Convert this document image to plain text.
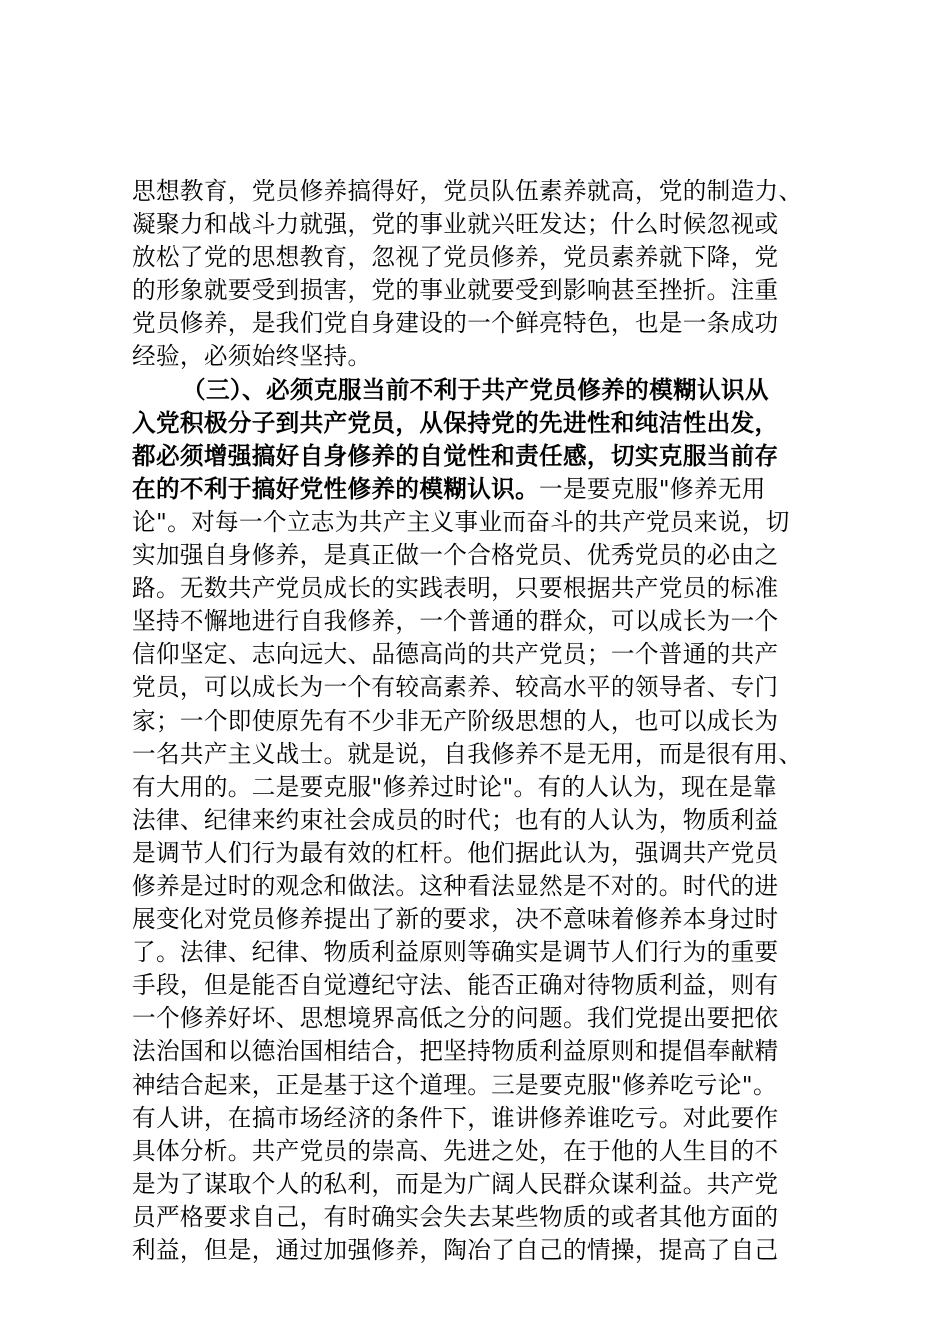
思想教育，党员修养搞得好，党员队伍素养就高，党的制造力、
凝聚力和战斗力就强，党的事业就兴旺发达；什么时候忽视或
放松了党的思想教育，忽视了党员修养，党员素养就下降，党
的形象就要受到损害，党的事业就要受到影响甚至挫折。注重
党员修养，是我们党自身建设的一个鲜亮特色，也是一条成功
经验，必须始终坚持。
（三）、必须克服当前不利于共产党员修养的模糊认识从
入党积极分子到共产党员，从保持党的先进性和纯洁性出发，
都必须增强搞好自身修养的自觉性和责任感，切实克服当前存
在的不利于搞好党性修养的模糊认识。一是要克服"修养无用
论"。对每一个立志为共产主义事业而奋斗的共产党员来说，切
实加强自身修养，是真正做一个合格党员、优秀党员的必由之
路。无数共产党员成长的实践表明，只要根据共产党员的标准
坚持不懈地进行自我修养，一个普通的群众，可以成长为一个
信仰坚定、志向远大、品德高尚的共产党员；一个普通的共产
党员，可以成长为一个有较高素养、较高水平的领导者、专门
家；一个即使原先有不少非无产阶级思想的人，也可以成长为
一名共产主义战士。就是说，自我修养不是无用，而是很有用、
有大用的。二是要克服"修养过时论"。有的人认为，现在是靠
法律、纪律来约束社会成员的时代；也有的人认为，物质利益
是调节人们行为最有效的杠杆。他们据此认为，强调共产党员
修养是过时的观念和做法。这种看法显然是不对的。时代的进
展变化对党员修养提出了新的要求，决不意味着修养本身过时
了。法律、纪律、物质利益原则等确实是调节人们行为的重要
手段，但是能否自觉遵纪守法、能否正确对待物质利益，则有
一个修养好坏、思想境界高低之分的问题。我们党提出要把依
法治国和以德治国相结合，把坚持物质利益原则和提倡奉献精
神结合起来，正是基于这个道理。三是要克服"修养吃亏论"。
有人讲，在搞市场经济的条件下，谁讲修养谁吃亏。对此要作
具体分析。共产党员的崇高、先进之处，在于他的人生目的不
是为了谋取个人的私利，而是为广阔人民群众谋利益。共产党
员严格要求自己，有时确实会失去某些物质的或者其他方面的
利益，但是，通过加强修养，陶冶了自己的情操，提高了自己
